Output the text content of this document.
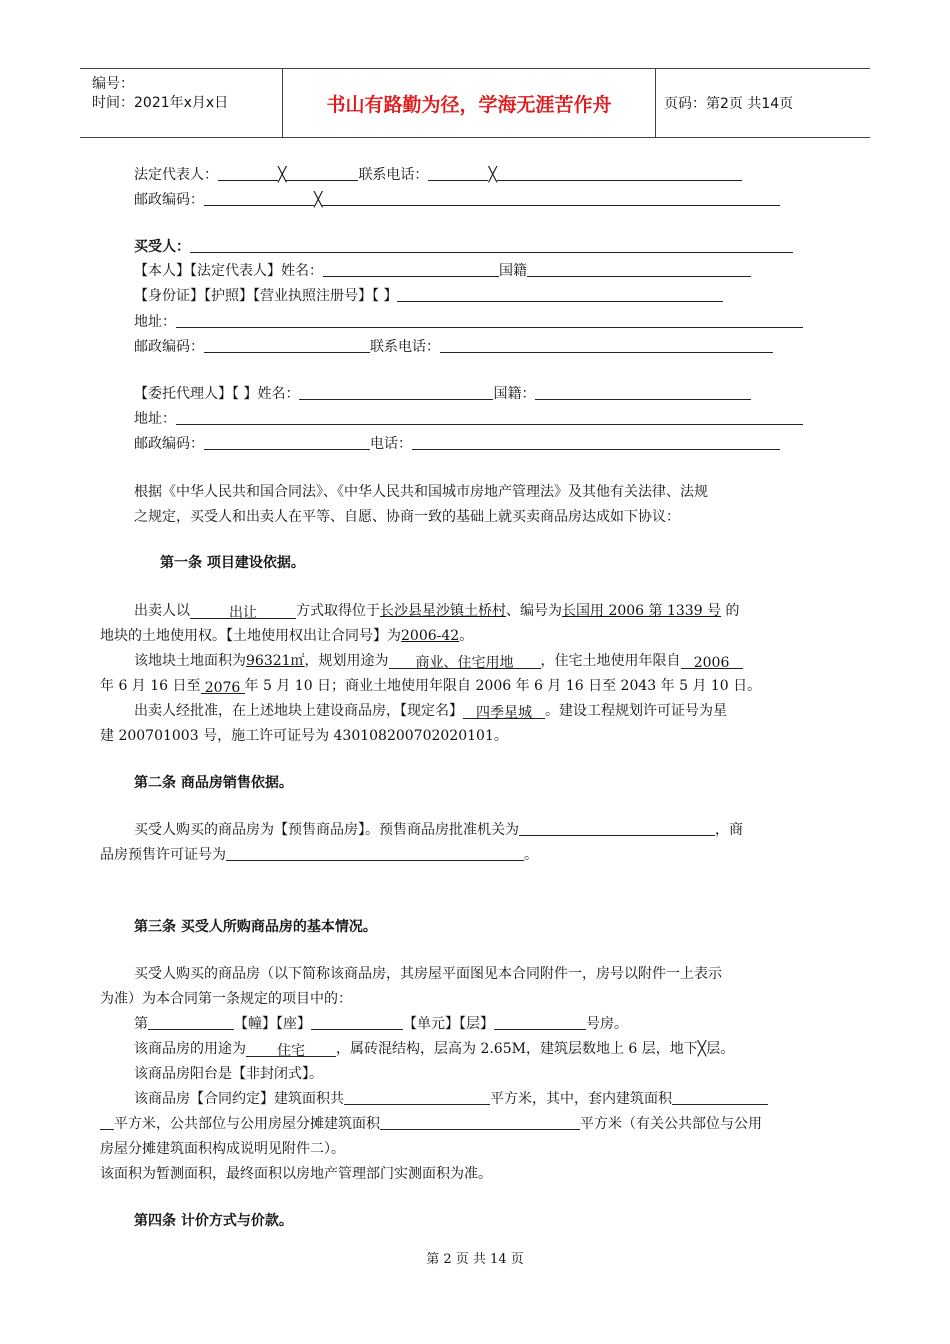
编号：
时间：2021年x月x日	书山有路勤为径，学海无涯苦作舟	页码：第2页 共14页
法定代表人：	╳	联系电话：	╳
邮政编码：	╳
买受人：
【本人】【法定代表人】姓名：	国籍
【身份证】【护照】【营业执照注册号】【 】
地址：
邮政编码：	联系电话：
【委托代理人】【 】姓名：	国籍：
地址：
邮政编码：	电话：
根据《中华人民共和国合同法》、《中华人民共和国城市房地产管理法》及其他有关法律、法规
之规定，买受人和出卖人在平等、自愿、协商一致的基础上就买卖商品房达成如下协议：
第一条 项目建设依据。
出卖人以	出让	方式取得位于长沙县星沙镇土桥村、编号为长国用 2006 第 1339 号 的
地块的土地使用权。【土地使用权出让合同号】为2006-42。
该地块土地面积为96321㎡，规划用途为 商业、住宅用地 ，住宅土地使用年限自 2006
年 6 月 16 日至 2076 年 5 月 10 日；商业土地使用年限自 2006 年 6 月 16 日至 2043 年 5 月 10 日。
出卖人经批准，在上述地块上建设商品房，【现定名】 四季星城 。建设工程规划许可证号为星
建 200701003 号，施工许可证号为 430108200702020101。
第二条 商品房销售依据。
买受人购买的商品房为【预售商品房】。预售商品房批准机关为	，商
品房预售许可证号为	。
第三条 买受人所购商品房的基本情况。
买受人购买的商品房（以下简称该商品房，其房屋平面图见本合同附件一，房号以附件一上表示
为准）为本合同第一条规定的项目中的：
第	【幢】【座】	【单元】【层】	号房。
该商品房的用途为 住宅 ，属砖混结构，层高为 2.65M，建筑层数地上 6 层，地下╳层。
该商品房阳台是【非封闭式】。
该商品房【合同约定】建筑面积共	平方米，其中，套内建筑面积
平方米，公共部位与公用房屋分摊建筑面积	平方米（有关公共部位与公用
房屋分摊建筑面积构成说明见附件二）。
该面积为暂测面积，最终面积以房地产管理部门实测面积为准。
第四条 计价方式与价款。
第 2 页 共 14 页
